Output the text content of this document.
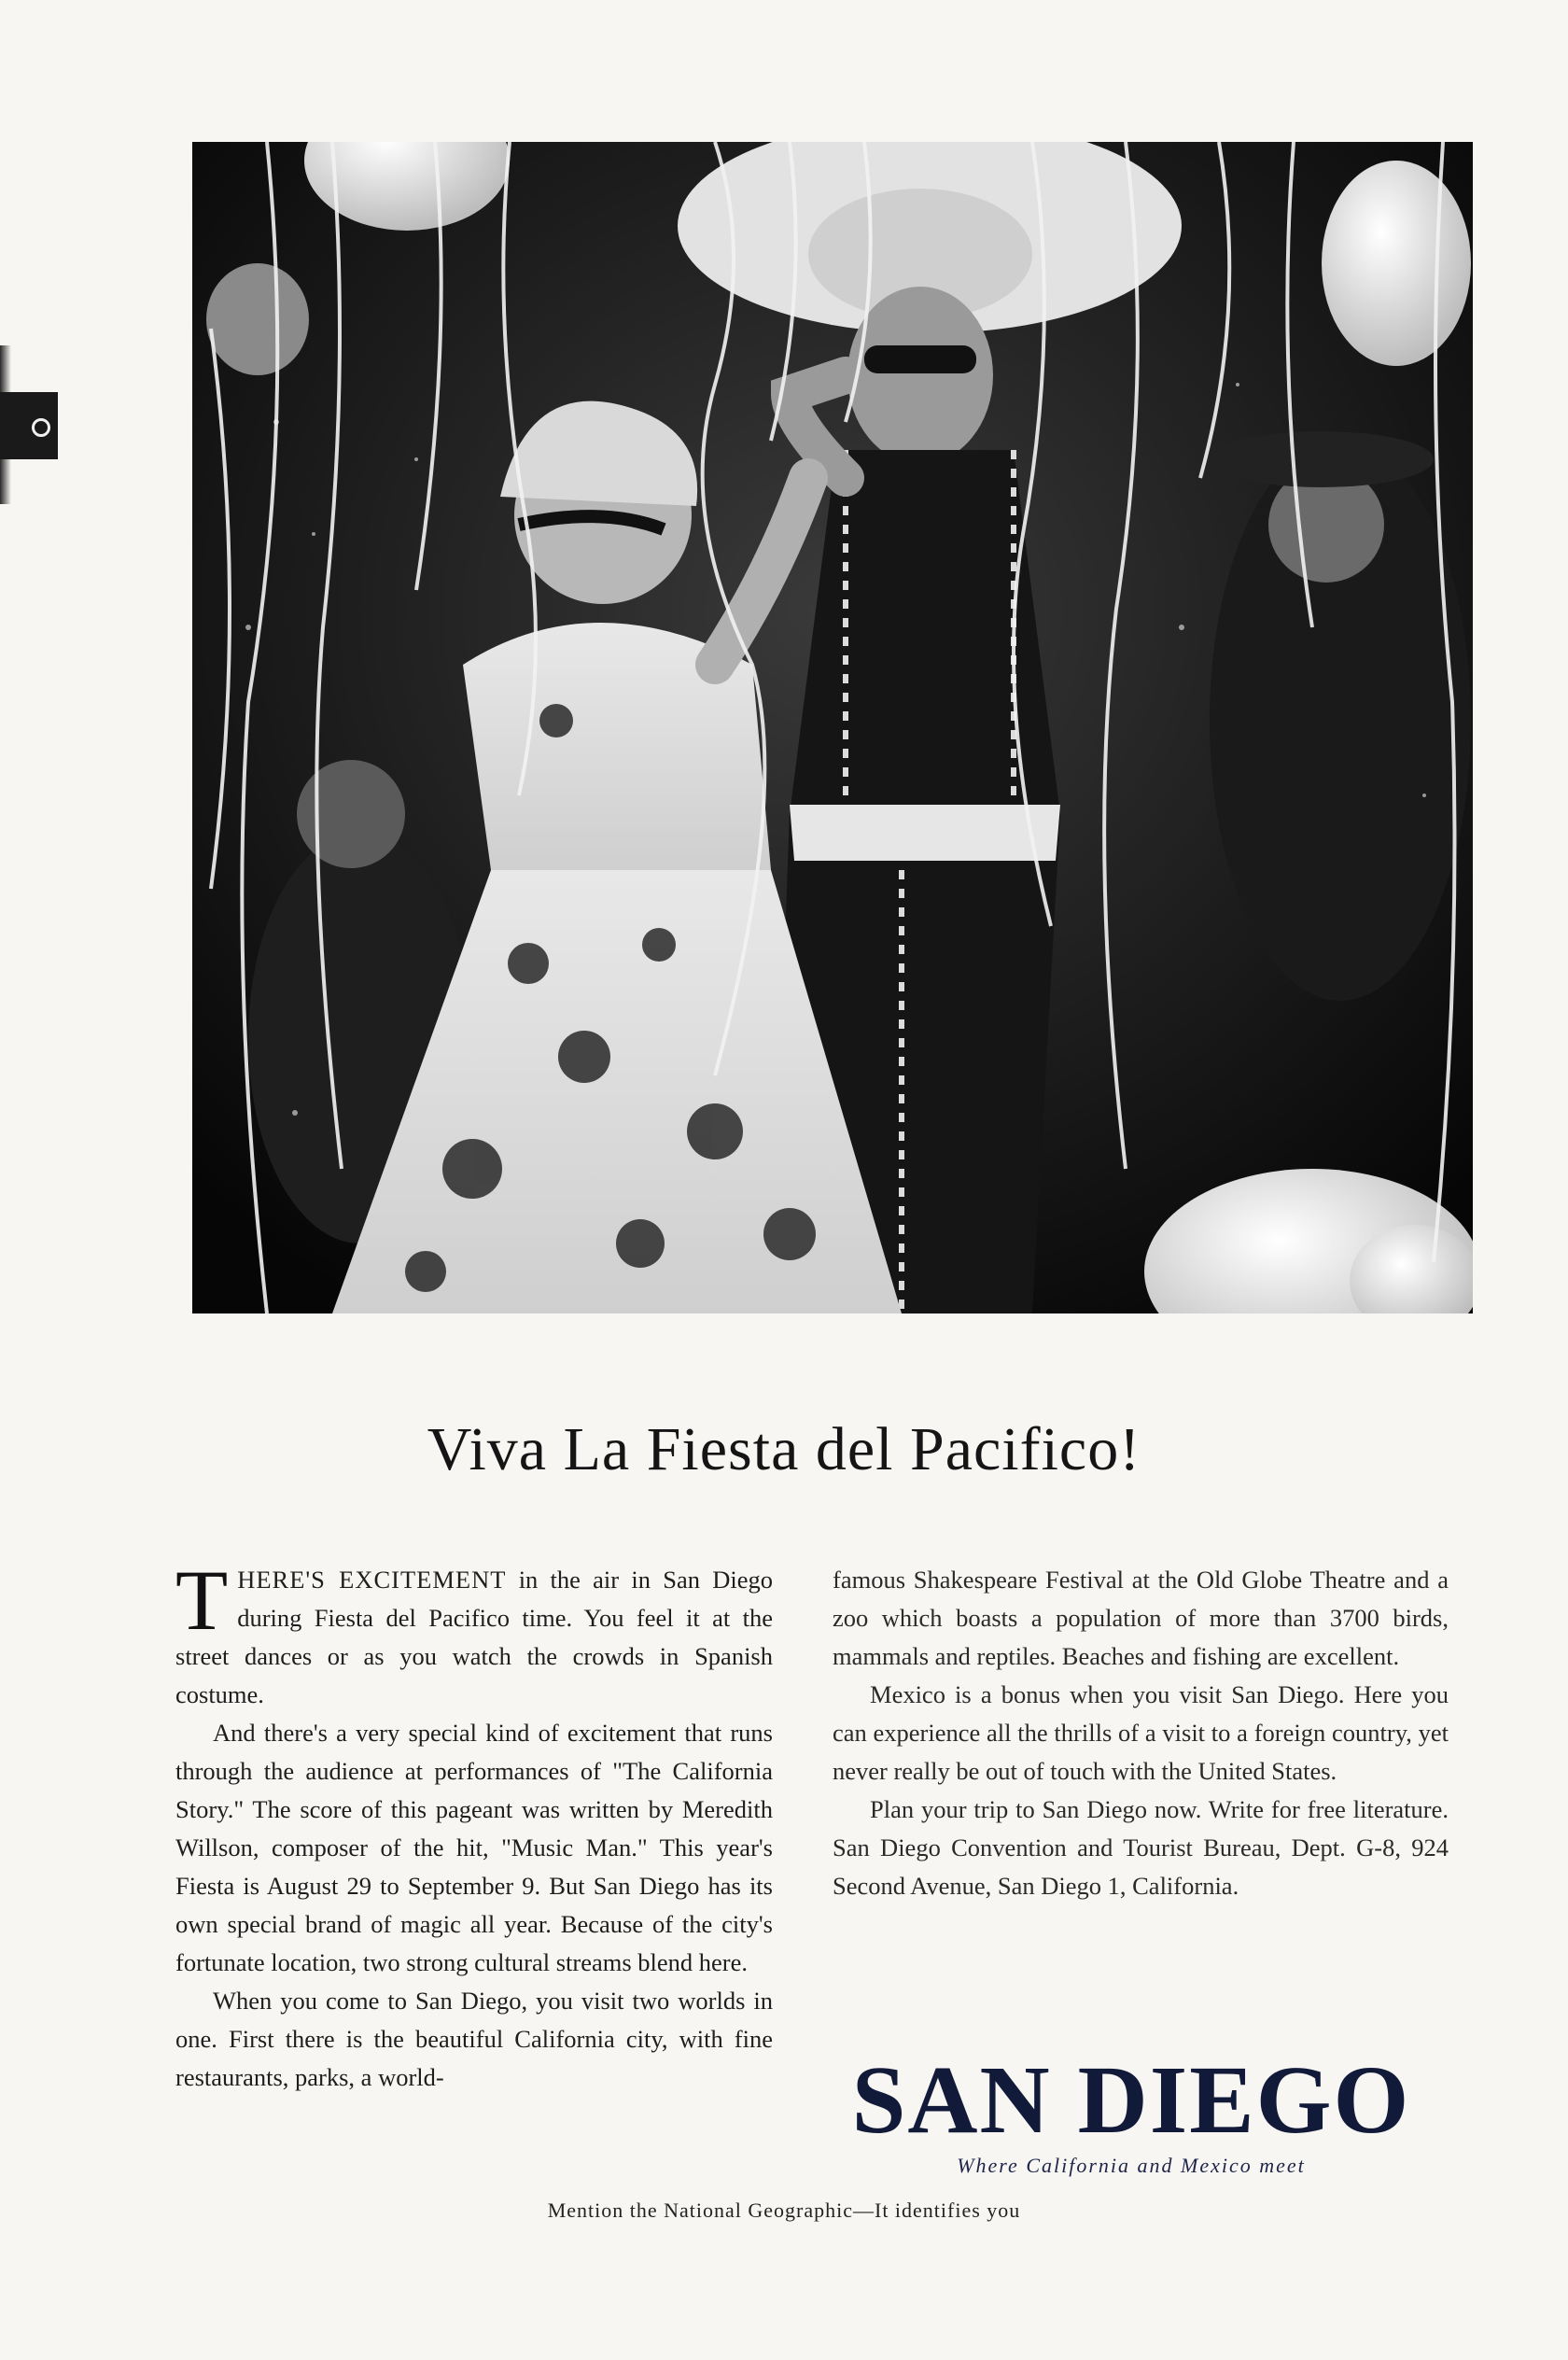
Viva La Fiesta del Pacifico!

THERE'S EXCITEMENT in the air in San Diego during Fiesta del Pacifico time. You feel it at the street dances or as you watch the crowds in Spanish costume.

And there's a very special kind of excitement that runs through the audience at performances of "The California Story." The score of this pageant was written by Meredith Willson, composer of the hit, "Music Man." This year's Fiesta is August 29 to September 9. But San Diego has its own special brand of magic all year. Because of the city's fortunate location, two strong cultural streams blend here.

When you come to San Diego, you visit two worlds in one. First there is the beautiful California city, with fine restaurants, parks, a world-

famous Shakespeare Festival at the Old Globe Theatre and a zoo which boasts a population of more than 3700 birds, mammals and reptiles. Beaches and fishing are excellent.

Mexico is a bonus when you visit San Diego. Here you can experience all the thrills of a visit to a foreign country, yet never really be out of touch with the United States.

Plan your trip to San Diego now. Write for free literature. San Diego Convention and Tourist Bureau, Dept. G-8, 924 Second Avenue, San Diego 1, California.

SAN DIEGO
Where California and Mexico meet
Mention the National Geographic—It identifies you
